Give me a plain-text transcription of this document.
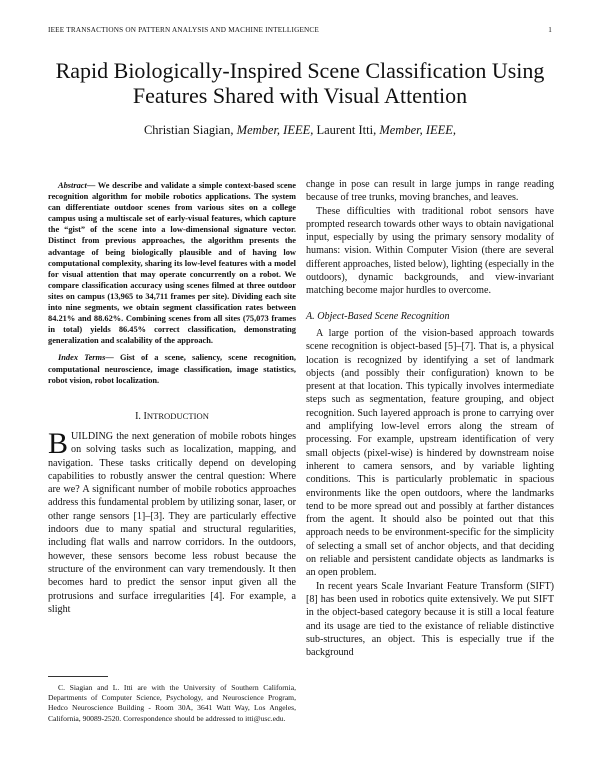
IEEE TRANSACTIONS ON PATTERN ANALYSIS AND MACHINE INTELLIGENCE	1
Rapid Biologically-Inspired Scene Classification Using Features Shared with Visual Attention
Christian Siagian, Member, IEEE, Laurent Itti, Member, IEEE,

Abstract— We describe and validate a simple context-based scene recognition algorithm for mobile robotics applications. The system can differentiate outdoor scenes from various sites on a college campus using a multiscale set of early-visual features, which capture the “gist” of the scene into a low-dimensional signature vector. Distinct from previous approaches, the algorithm presents the advantage of being biologically plausible and of having low computational complexity, sharing its low-level features with a model for visual attention that may operate concurrently on a robot. We compare classification accuracy using scenes filmed at three outdoor sites on campus (13,965 to 34,711 frames per site). Dividing each site into nine segments, we obtain segment classification rates between 84.21% and 88.62%. Combining scenes from all sites (75,073 frames in total) yields 86.45% correct classification, demonstrating generalization and scalability of the approach.

Index Terms— Gist of a scene, saliency, scene recognition, computational neuroscience, image classification, image statistics, robot vision, robot localization.

I. INTRODUCTION

BUILDING the next generation of mobile robots hinges on solving tasks such as localization, mapping, and navigation. These tasks critically depend on developing capabilities to robustly answer the central question: Where are we? A significant number of mobile robotics approaches address this fundamental problem by utilizing sonar, laser, or other range sensors [1]–[3]. They are particularly effective indoors due to many spatial and structural regularities, including flat walls and narrow corridors. In the outdoors, however, these sensors become less robust because the structure of the environment can vary tremendously. It then becomes hard to predict the sensor input given all the protrusions and surface irregularities [4]. For example, a slight

change in pose can result in large jumps in range reading because of tree trunks, moving branches, and leaves.

These difficulties with traditional robot sensors have prompted research towards other ways to obtain navigational input, especially by using the primary sensory modality of humans: vision. Within Computer Vision (there are several different approaches, listed below), lighting (especially in the outdoors), dynamic backgrounds, and view-invariant matching become major hurdles to overcome.

A. Object-Based Scene Recognition

A large portion of the vision-based approach towards scene recognition is object-based [5]–[7]. That is, a physical location is recognized by identifying a set of landmark objects (and possibly their configuration) known to be present at that location. This typically involves intermediate steps such as segmentation, feature grouping, and object recognition. Such layered approach is prone to carrying over and amplifying low-level errors along the stream of processing. For example, upstream identification of very small objects (pixel-wise) is hindered by downstream noise inherent to camera sensors, and by variable lighting conditions. This is particularly problematic in spacious environments like the open outdoors, where the landmarks tend to be more spread out and possibly at farther distances from the agent. It should also be pointed out that this approach needs to be environment-specific for the simplicity of selecting a small set of anchor objects, and that deciding on reliable and persistent candidate objects as landmarks is an open problem.

In recent years Scale Invariant Feature Transform (SIFT) [8] has been used in robotics quite extensively. We put SIFT in the object-based category because it is still a local feature and its usage are tied to the existance of reliable distinctive sub-structures, an object. This is especially true if the background

C. Siagian and L. Itti are with the University of Southern California, Departments of Computer Science, Psychology, and Neuroscience Program, Hedco Neuroscience Building - Room 30A, 3641 Watt Way, Los Angeles, California, 90089-2520. Correspondence should be addressed to itti@usc.edu.
